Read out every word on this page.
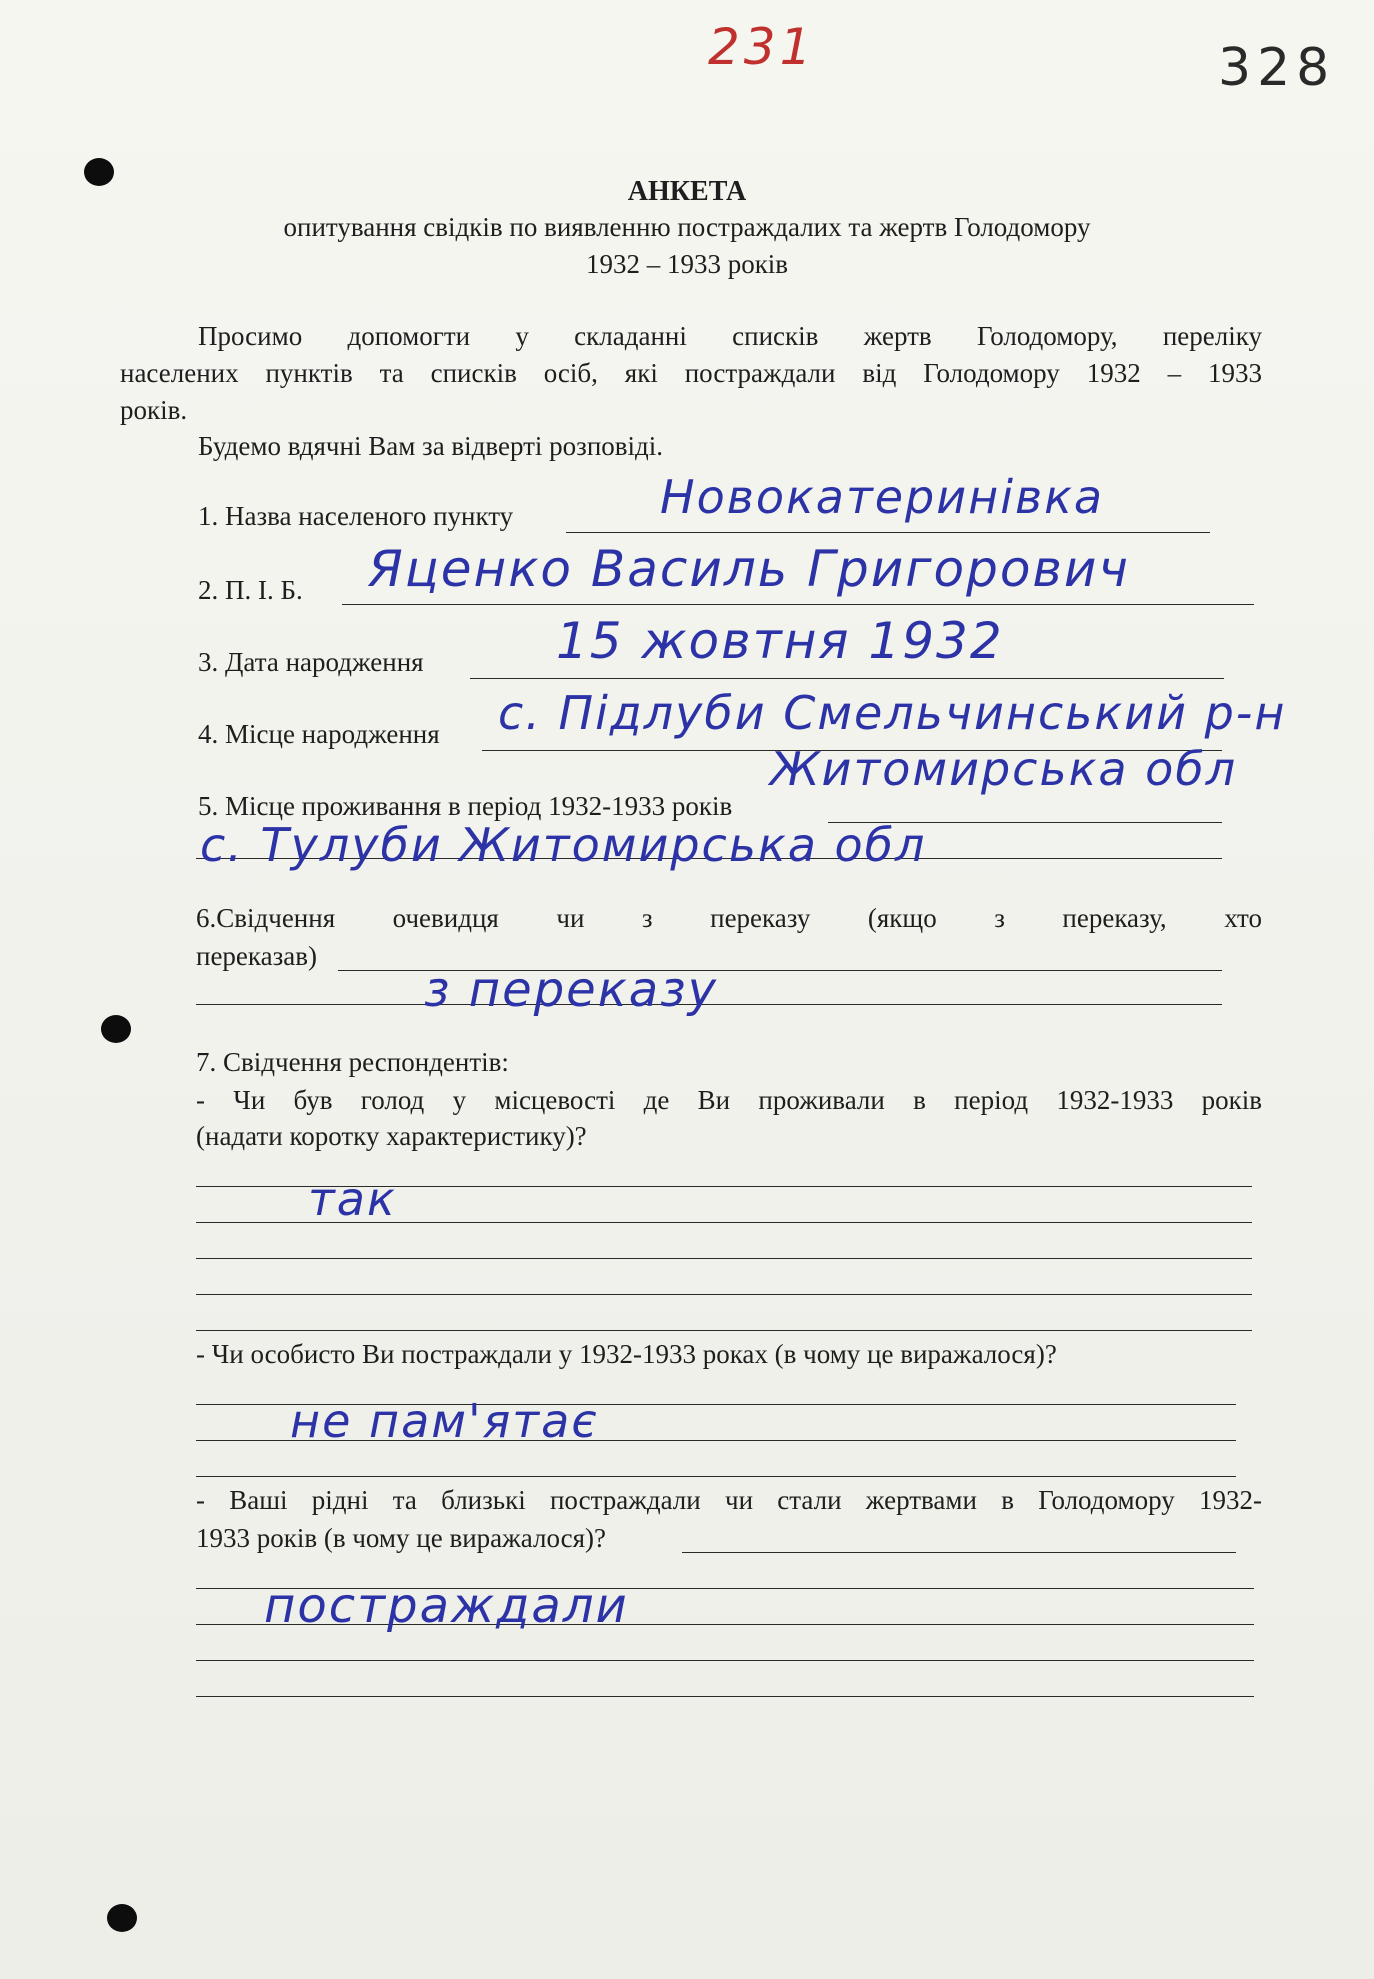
231	328
АНКЕТА
опитування свідків по виявленню постраждалих та жертв Голодомору
1932 – 1933 років
Просимо допомогти у складанні списків жертв Голодомору, переліку
населених пунктів та списків осіб, які постраждали від Голодомору 1932 – 1933
років.
Будемо вдячні Вам за відверті розповіді.
1. Назва населеного пункту	Новокатеринівка
2. П. І. Б. Яценко Василь Григорович
3. Дата народження	15 жовтня 1932
4. Місце народження с. Підлуби Смельчинський р-н
Житомирська обл
5. Місце проживання в період 1932-1933 років
с. Тулуби Житомирська обл
6.Свідчення очевидця чи з переказу (якщо з переказу, хто
переказав)
з переказу
7. Свідчення респондентів:
- Чи був голод у місцевості де Ви проживали в період 1932-1933 років
(надати коротку характеристику)?
так
- Чи особисто Ви постраждали у 1932-1933 роках (в чому це виражалося)?
не пам'ятає
- Ваші рідні та близькі постраждали чи стали жертвами в Голодомору 1932-
1933 років (в чому це виражалося)?
постраждали
